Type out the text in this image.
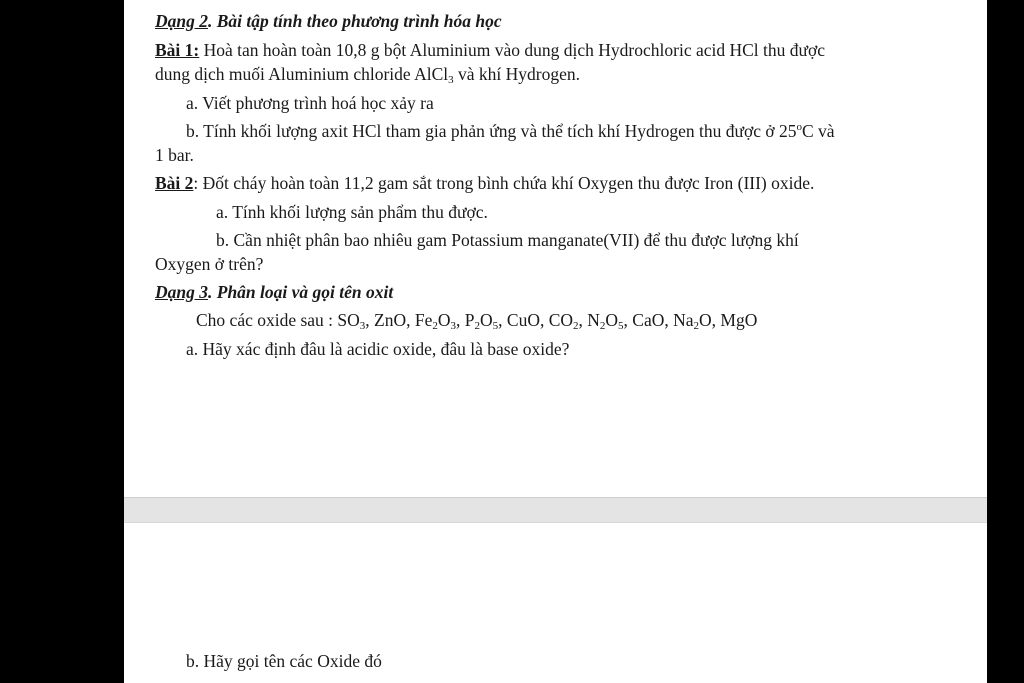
Dạng 2. Bài tập tính theo phương trình hóa học
Bài 1: Hoà tan hoàn toàn 10,8 g bột Aluminium vào dung dịch Hydrochloric acid HCl thu được
dung dịch muối Aluminium chloride AlCl$_3$ và khí Hydrogen.
a. Viết phương trình hoá học xảy ra
b. Tính khối lượng axit HCl tham gia phản ứng và thể tích khí Hydrogen thu được ở 25$^o$C và
1 bar.
Bài 2: Đốt cháy hoàn toàn 11,2 gam sắt trong bình chứa khí Oxygen thu được Iron (III) oxide.
a. Tính khối lượng sản phẩm thu được.
b. Cần nhiệt phân bao nhiêu gam Potassium manganate(VII) để thu được lượng khí
Oxygen ở trên?
Dạng 3. Phân loại và gọi tên oxit
Cho các oxide sau : $SO_3$, ZnO, $Fe_2O_3$, $P_2O_5$, CuO, $CO_2$, $N_2O_5$, CaO, $Na_2O$, MgO
a. Hãy xác định đâu là acidic oxide, đâu là base oxide?
b. Hãy gọi tên các Oxide đó
